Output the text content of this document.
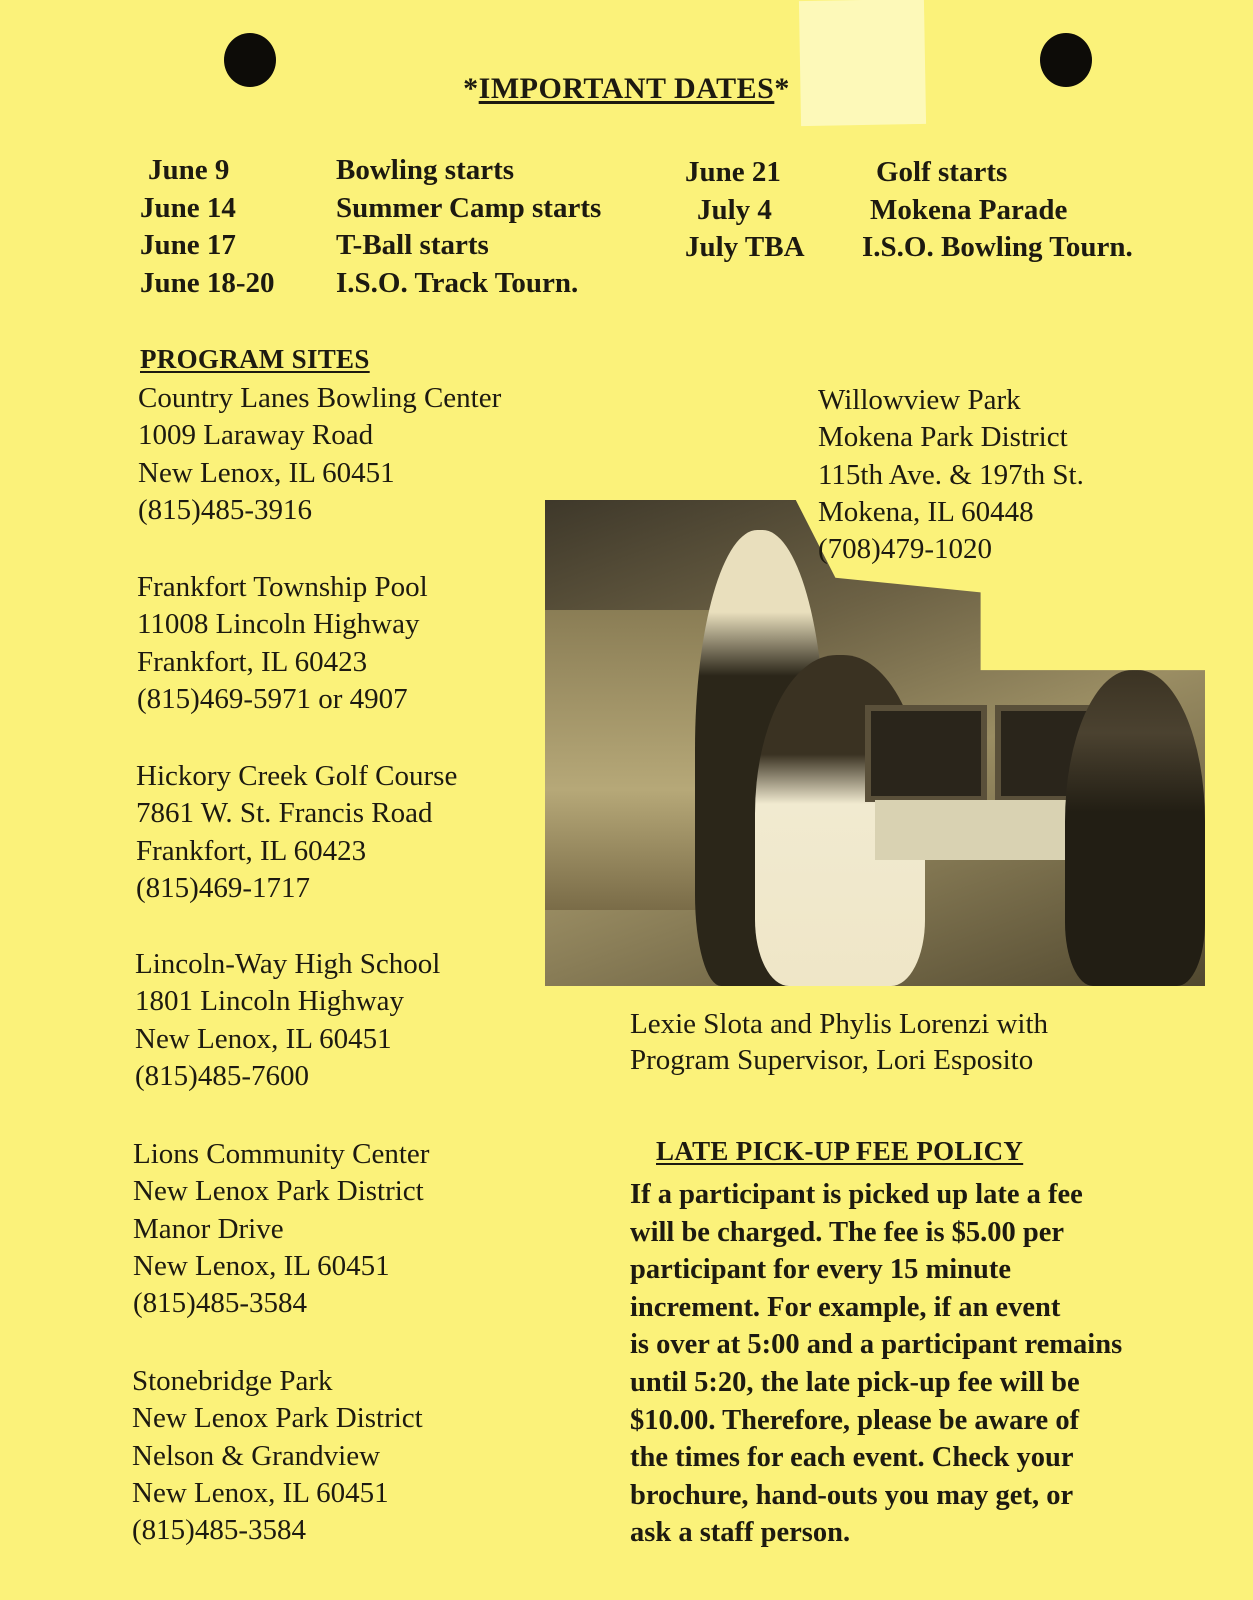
*IMPORTANT DATES*
June 9
June 14
June 17
June 18-20
Bowling starts
Summer Camp starts
T-Ball starts
I.S.O. Track Tourn.
June 21
July 4
July TBA
Golf starts
Mokena Parade
I.S.O. Bowling Tourn.
PROGRAM SITES
Country Lanes Bowling Center
1009 Laraway Road
New Lenox, IL 60451
(815)485-3916
Frankfort Township Pool
11008 Lincoln Highway
Frankfort, IL 60423
(815)469-5971 or 4907
Hickory Creek Golf Course
7861 W. St. Francis Road
Frankfort, IL 60423
(815)469-1717
Lincoln-Way High School
1801 Lincoln Highway
New Lenox, IL 60451
(815)485-7600
Lions Community Center
New Lenox Park District
Manor Drive
New Lenox, IL 60451
(815)485-3584
Stonebridge Park
New Lenox Park District
Nelson & Grandview
New Lenox, IL 60451
(815)485-3584
Willowview Park
Mokena Park District
115th Ave. & 197th St.
Mokena, IL 60448
(708)479-1020
Lexie Slota and Phylis Lorenzi with
Program Supervisor, Lori Esposito
LATE PICK-UP FEE POLICY
If a participant is picked up late a fee
will be charged. The fee is $5.00 per
participant for every 15 minute
increment. For example, if an event
is over at 5:00 and a participant remains
until 5:20, the late pick-up fee will be
$10.00. Therefore, please be aware of
the times for each event. Check your
brochure, hand-outs you may get, or
ask a staff person.
